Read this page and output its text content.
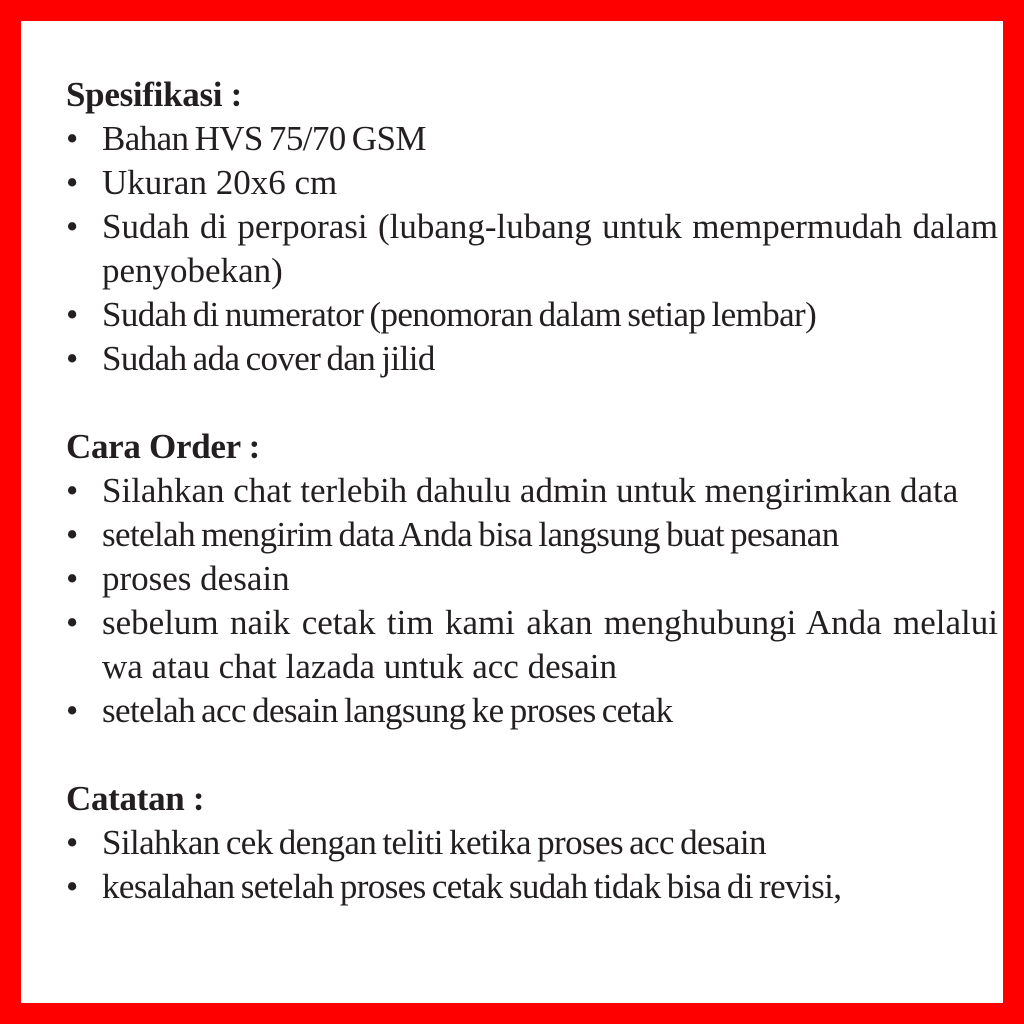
Spesifikasi :

• Bahan HVS 75/70 GSM
• Ukuran 20x6 cm
• Sudah di perporasi (lubang-lubang untuk mempermudah dalam penyobekan)
• Sudah di numerator (penomoran dalam setiap lembar)
• Sudah ada cover dan jilid

Cara Order :

• Silahkan chat terlebih dahulu admin untuk mengirimkan data
• setelah mengirim data Anda bisa langsung buat pesanan
• proses desain
• sebelum naik cetak tim kami akan menghubungi Anda melalui wa atau chat lazada untuk acc desain
• setelah acc desain langsung ke proses cetak

Catatan :

• Silahkan cek dengan teliti ketika proses acc desain
• kesalahan setelah proses cetak sudah tidak bisa di revisi,
